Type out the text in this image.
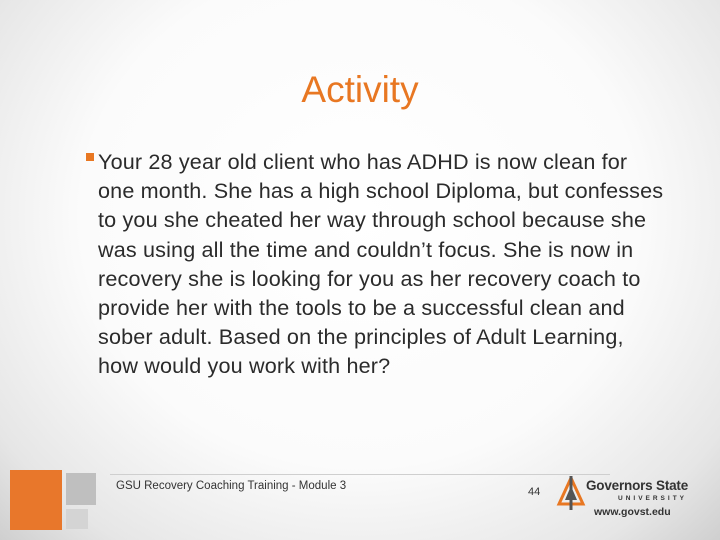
Activity

Your 28 year old client who has ADHD is now clean for one month. She has a high school Diploma, but confesses to you she cheated her way through school because she was using all the time and couldn’t focus. She is now in recovery she is looking for you as her recovery coach to provide her with the tools to be a successful clean and sober adult. Based on the principles of Adult Learning, how would you work with her?

GSU Recovery Coaching Training - Module 3	44	Governors State
UNIVERSITY
www.govst.edu
